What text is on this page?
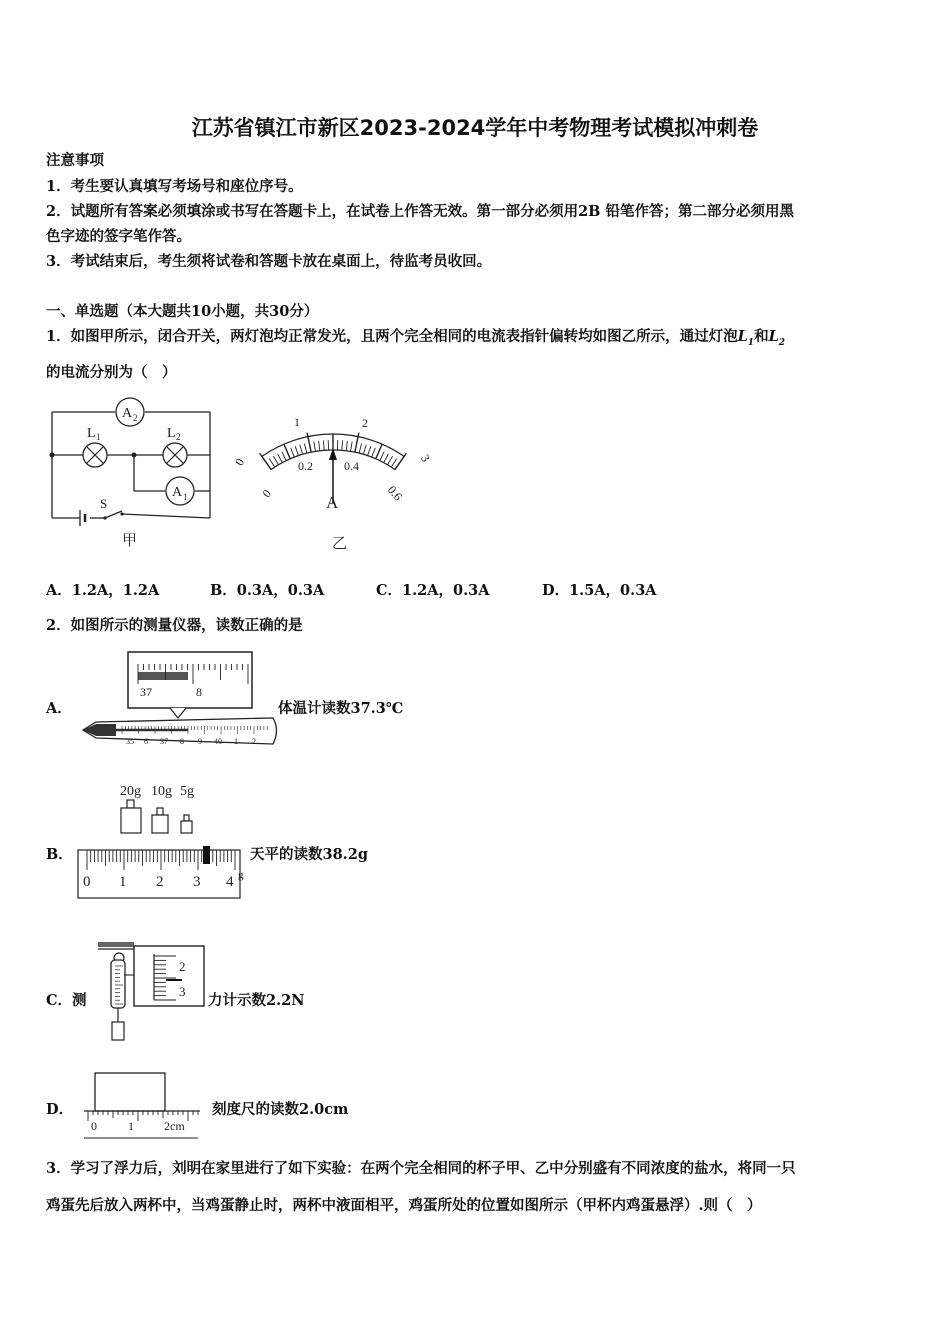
江苏省镇江市新区2023-2024学年中考物理考试模拟冲刺卷
注意事项
1．考生要认真填写考场号和座位序号。
2．试题所有答案必须填涂或书写在答题卡上，在试卷上作答无效。第一部分必须用2B 铅笔作答；第二部分必须用黑
色字迹的签字笔作答。
3．考试结束后，考生须将试卷和答题卡放在桌面上，待监考员收回。
一、单选题（本大题共10小题，共30分）
1．如图甲所示，闭合开关，两灯泡均正常发光，且两个完全相同的电流表指针偏转均如图乙所示，通过灯泡$L_1$和$L_2$
的电流分别为（　）
A 2
L 1	L 2
A 1
S
甲
A
0
1	2
3
0
0.2	0.4
0.6
乙
A．1.2A，1.2A	B．0.3A，0.3A	C．1.2A，0.3A	D．1.5A，0.3A
2．如图所示的测量仪器，读数正确的是
A．
37	8
35 6 37 8 9 40 1 2
体温计读数37.3℃
B．
20g 10g 5g
0 1 2 3 4 g
天平的读数38.2g
C．测
2
3
力计示数2.2N
D．
0	1	2cm
刻度尺的读数2.0cm
3．学习了浮力后，刘明在家里进行了如下实验：在两个完全相同的杯子甲、乙中分别盛有不同浓度的盐水，将同一只
鸡蛋先后放入两杯中，当鸡蛋静止时，两杯中液面相平，鸡蛋所处的位置如图所示（甲杯内鸡蛋悬浮）.则（　）
